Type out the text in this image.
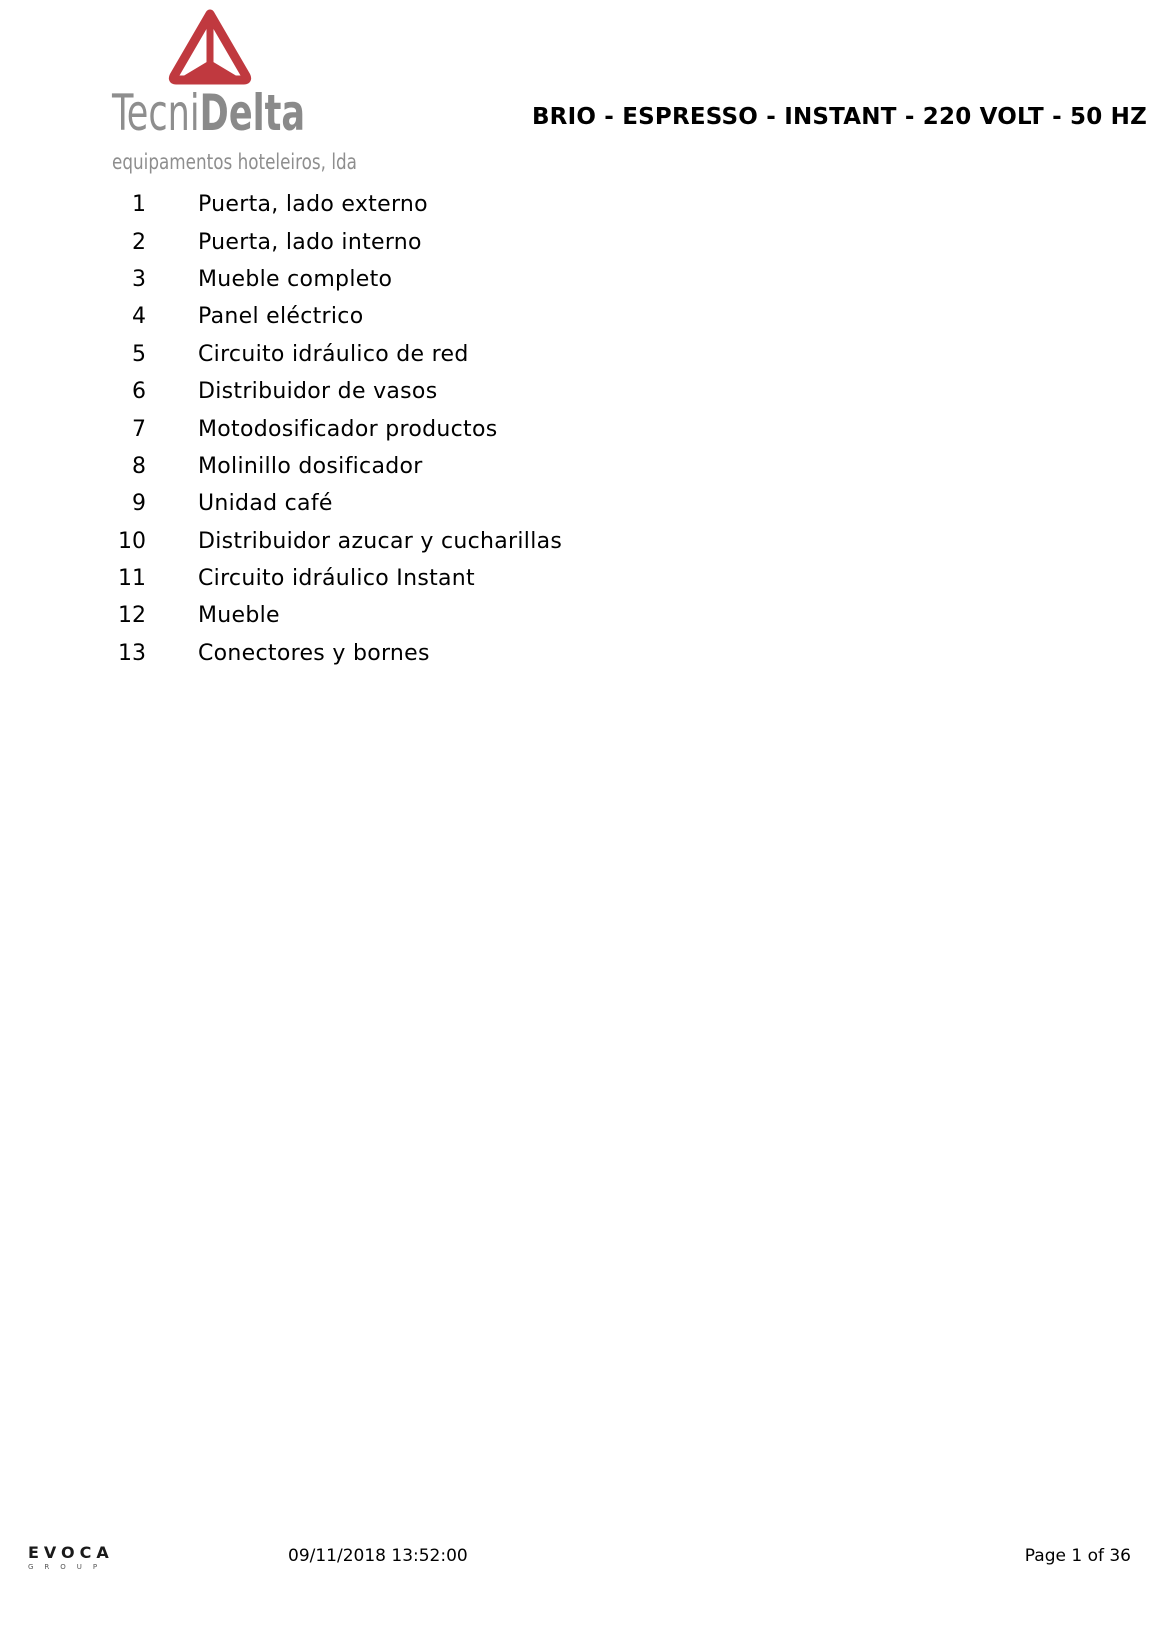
TecniDelta
equipamentos hoteleiros, lda
BRIO - ESPRESSO - INSTANT - 220 VOLT - 50 HZ
1 Puerta, lado externo
2 Puerta, lado interno
3 Mueble completo
4 Panel eléctrico
5 Circuito idráulico de red
6 Distribuidor de vasos
7 Motodosificador productos
8 Molinillo dosificador
9 Unidad café
10 Distribuidor azucar y cucharillas
11 Circuito idráulico Instant
12 Mueble
13 Conectores y bornes
EVOCA
GROUP
09/11/2018 13:52:00	Page 1 of 36
